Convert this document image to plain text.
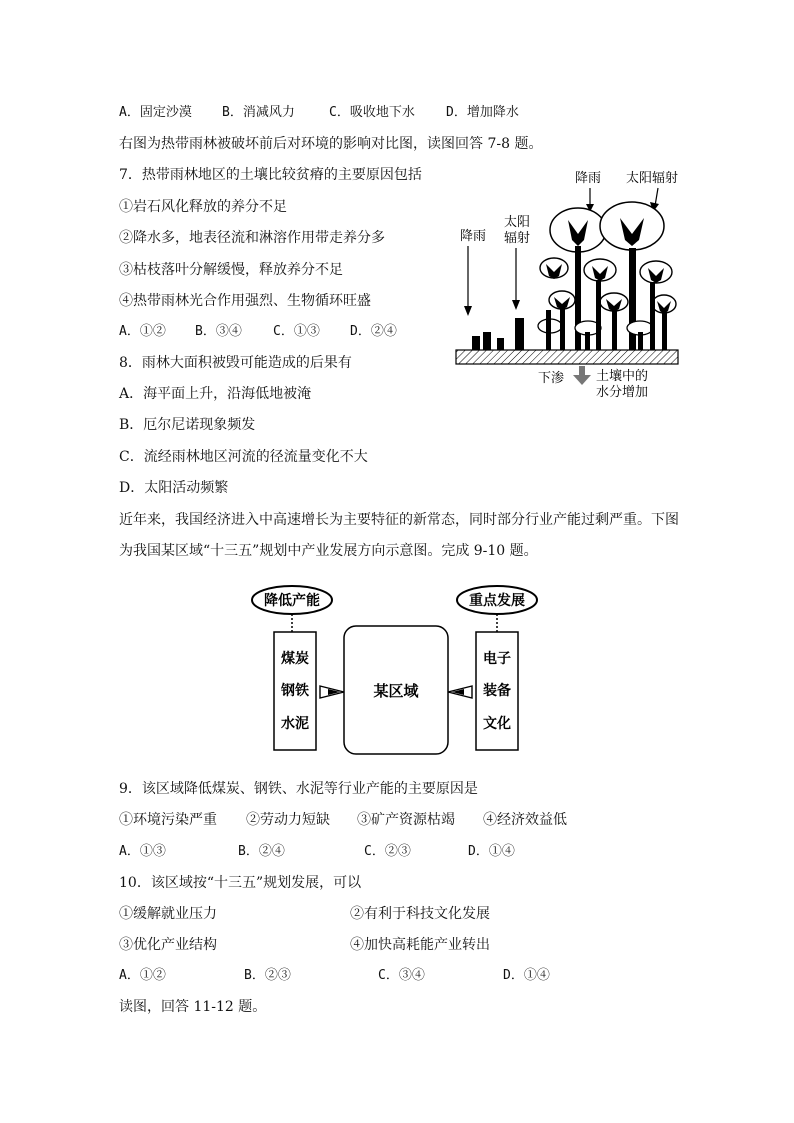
A．固定沙漠 B．消减风力	C．吸收地下水 D．增加降水
右图为热带雨林被破坏前后对环境的影响对比图，读图回答 7-8 题。
7．热带雨林地区的土壤比较贫瘠的主要原因包括
①岩石风化释放的养分不足
②降水多，地表径流和淋溶作用带走养分多
③枯枝落叶分解缓慢，释放养分不足
④热带雨林光合作用强烈、生物循环旺盛
A．①② B．③④ C．①③ D．②④
8．雨林大面积被毁可能造成的后果有
A．海平面上升，沿海低地被淹
B．厄尔尼诺现象频发
C．流经雨林地区河流的径流量变化不大
D．太阳活动频繁
降雨 太阳辐射
降雨
太阳
辐射
下渗 土壤中的
水分增加
近年来，我国经济进入中高速增长为主要特征的新常态，同时部分行业产能过剩严重。下图
为我国某区域“十三五”规划中产业发展方向示意图。完成 9-10 题。
降低产能	重点发展
煤炭
钢铁
水泥
电子
装备
文化
某区域
9．该区域降低煤炭、钢铁、水泥等行业产能的主要原因是
①环境污染严重 ②劳动力短缺 ③矿产资源枯竭 ④经济效益低
A．①③	B．②④	C．②③	D．①④
10．该区域按“十三五”规划发展，可以
①缓解就业压力	②有利于科技文化发展
③优化产业结构	④加快高耗能产业转出
A．①②	B．②③	C．③④	D．①④
读图，回答 11-12 题。
